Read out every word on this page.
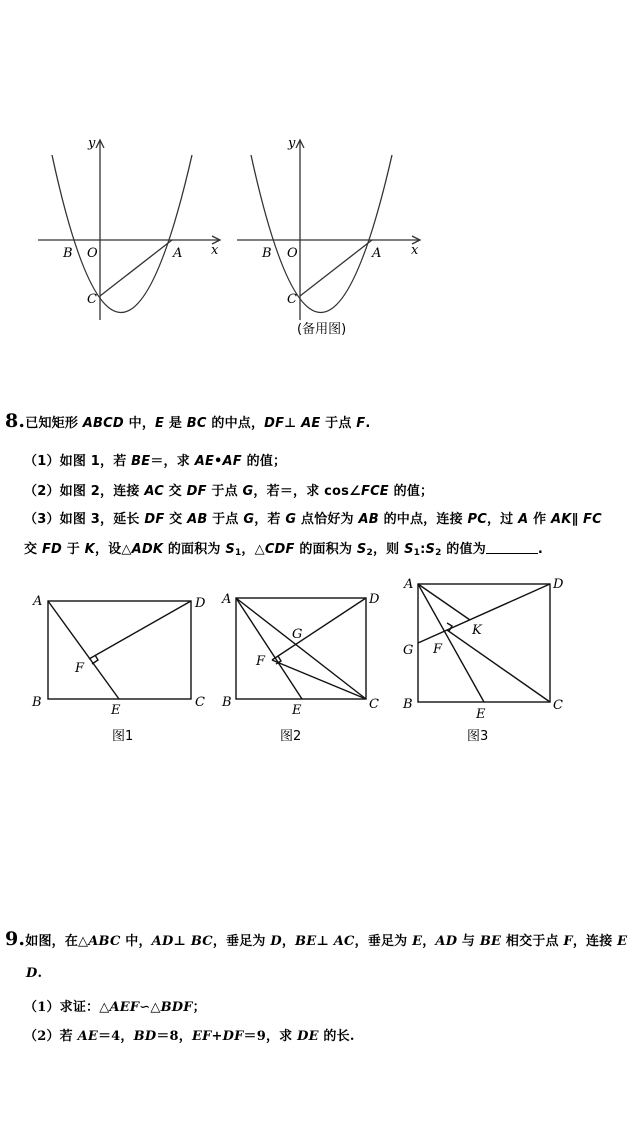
y
x
B O	A
C
y
x
B O	A
C
(备用图)
8.已知矩形 ABCD 中，E 是 BC 的中点，DF⊥ AE 于点 F.
（1）如图 1，若 BE＝，求 AE•AF 的值；
（2）如图 2，连接 AC 交 DF 于点 G，若＝，求 cos∠FCE 的值；
（3）如图 3，延长 DF 交 AB 于点 G，若 G 点恰好为 AB 的中点，连接 PC，过 A 作 AK∥ FC
交 FD 于 K，设△ADK 的面积为 $S_1$，△CDF 的面积为 $S_2$，则 $S_1:S_2$ 的值为	.
A	D
F
B
E
C
图1
A	D
G
F
B
E	C
图2
A	D
K
G F
B
E
C
图3
9.如图，在△ABC 中，AD⊥ BC，垂足为 D，BE⊥ AC，垂足为 E，AD 与 BE 相交于点 F，连接 E
D.
（1）求证：△AEF∽△BDF；
（2）若 AE＝4，BD＝8，EF+DF＝9，求 DE 的长.
